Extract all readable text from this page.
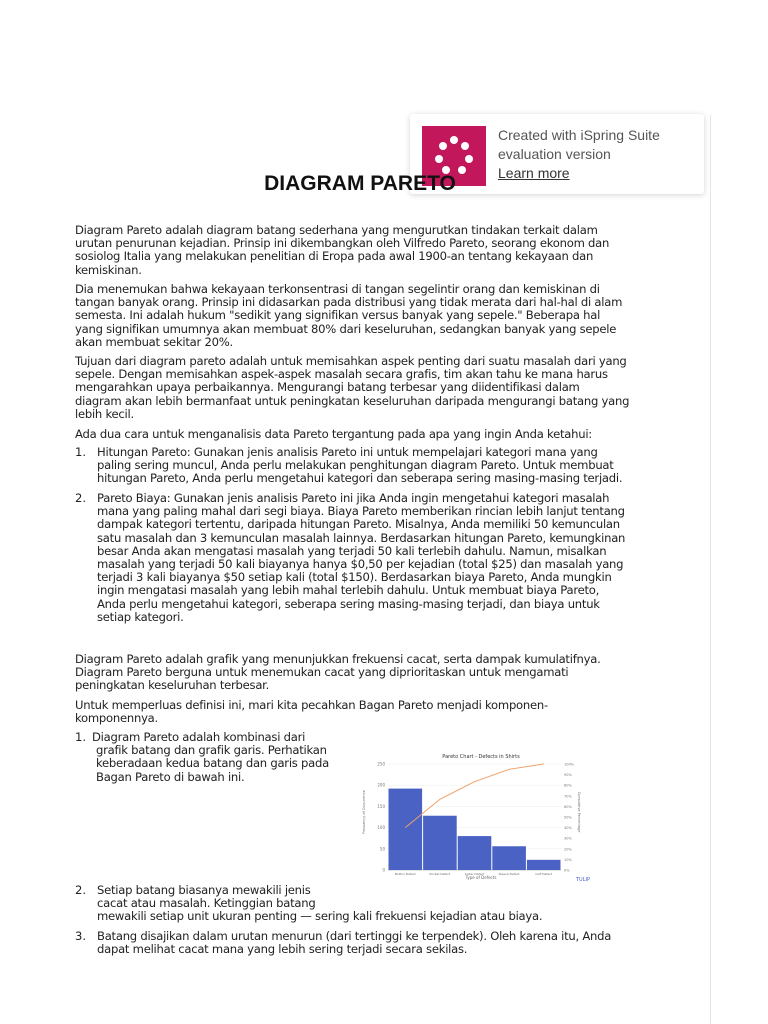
Created with iSpring Suite
evaluation version
Learn more
DIAGRAM PARETO
Diagram Pareto adalah diagram batang sederhana yang mengurutkan tindakan terkait dalam
urutan penurunan kejadian. Prinsip ini dikembangkan oleh Vilfredo Pareto, seorang ekonom dan
sosiolog Italia yang melakukan penelitian di Eropa pada awal 1900-an tentang kekayaan dan
kemiskinan.
Dia menemukan bahwa kekayaan terkonsentrasi di tangan segelintir orang dan kemiskinan di
tangan banyak orang. Prinsip ini didasarkan pada distribusi yang tidak merata dari hal-hal di alam
semesta. Ini adalah hukum "sedikit yang signifikan versus banyak yang sepele." Beberapa hal
yang signifikan umumnya akan membuat 80% dari keseluruhan, sedangkan banyak yang sepele
akan membuat sekitar 20%.
Tujuan dari diagram pareto adalah untuk memisahkan aspek penting dari suatu masalah dari yang
sepele. Dengan memisahkan aspek-aspek masalah secara grafis, tim akan tahu ke mana harus
mengarahkan upaya perbaikannya. Mengurangi batang terbesar yang diidentifikasi dalam
diagram akan lebih bermanfaat untuk peningkatan keseluruhan daripada mengurangi batang yang
lebih kecil.
Ada dua cara untuk menganalisis data Pareto tergantung pada apa yang ingin Anda ketahui:
1. Hitungan Pareto: Gunakan jenis analisis Pareto ini untuk mempelajari kategori mana yang
paling sering muncul, Anda perlu melakukan penghitungan diagram Pareto. Untuk membuat
hitungan Pareto, Anda perlu mengetahui kategori dan seberapa sering masing-masing terjadi.
2. Pareto Biaya: Gunakan jenis analisis Pareto ini jika Anda ingin mengetahui kategori masalah
mana yang paling mahal dari segi biaya. Biaya Pareto memberikan rincian lebih lanjut tentang
dampak kategori tertentu, daripada hitungan Pareto. Misalnya, Anda memiliki 50 kemunculan
satu masalah dan 3 kemunculan masalah lainnya. Berdasarkan hitungan Pareto, kemungkinan
besar Anda akan mengatasi masalah yang terjadi 50 kali terlebih dahulu. Namun, misalkan
masalah yang terjadi 50 kali biayanya hanya $0,50 per kejadian (total $25) dan masalah yang
terjadi 3 kali biayanya $50 setiap kali (total $150). Berdasarkan biaya Pareto, Anda mungkin
ingin mengatasi masalah yang lebih mahal terlebih dahulu. Untuk membuat biaya Pareto,
Anda perlu mengetahui kategori, seberapa sering masing-masing terjadi, dan biaya untuk
setiap kategori.
Diagram Pareto adalah grafik yang menunjukkan frekuensi cacat, serta dampak kumulatifnya.
Diagram Pareto berguna untuk menemukan cacat yang diprioritaskan untuk mengamati
peningkatan keseluruhan terbesar.
Untuk memperluas definisi ini, mari kita pecahkan Bagan Pareto menjadi komponen-
komponennya.
1. Diagram Pareto adalah kombinasi dari
grafik batang dan grafik garis. Perhatikan
keberadaan kedua batang dan garis pada
Bagan Pareto di bawah ini.
Pareto Chart - Defects in Shirts
Frequency of Occurrence	Cumulative Percentage
0
50
100
150
200
250
0%
10%
20%
30%
40%
50%
60%
70%
80%
90%
100%
Button Defect	Pocket Defect	Collar Defect	Sleeve Defect	Cuff Defect
Type of Defects	TULIP
2. Setiap batang biasanya mewakili jenis
cacat atau masalah. Ketinggian batang
mewakili setiap unit ukuran penting — sering kali frekuensi kejadian atau biaya.
3. Batang disajikan dalam urutan menurun (dari tertinggi ke terpendek). Oleh karena itu, Anda
dapat melihat cacat mana yang lebih sering terjadi secara sekilas.
